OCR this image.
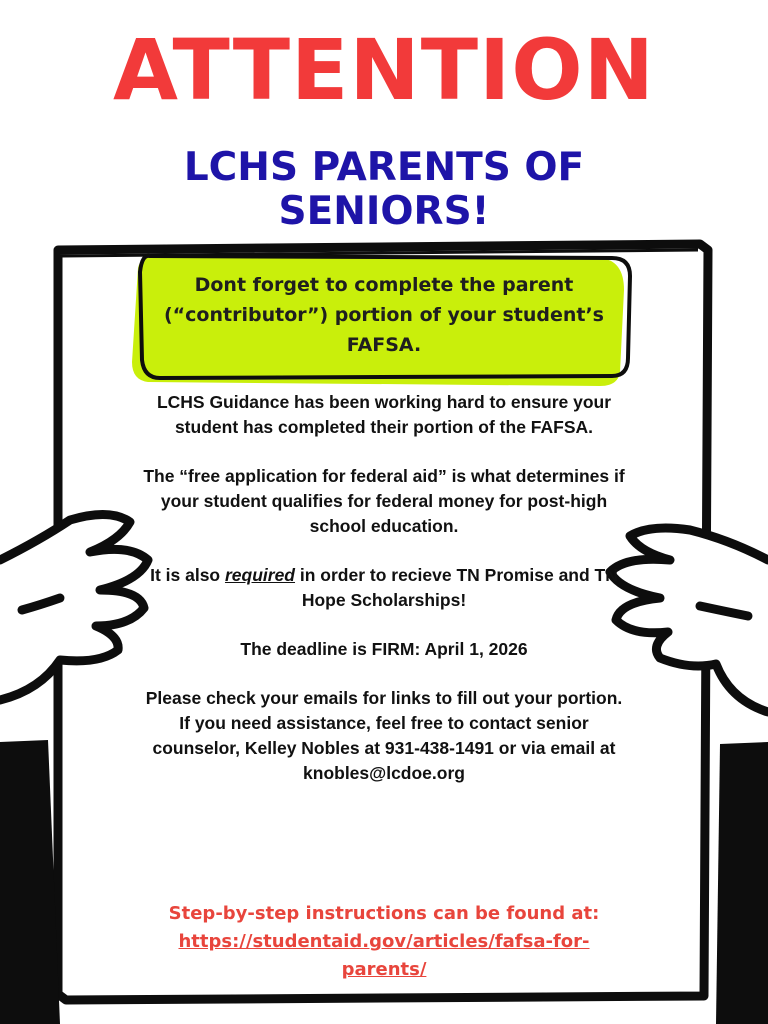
ATTENTION
LCHS PARENTS OF SENIORS!
Dont forget to complete the parent (“contributor”) portion of your student’s FAFSA.

LCHS Guidance has been working hard to ensure your student has completed their portion of the FAFSA.

The “free application for federal aid” is what determines if your student qualifies for federal money for post-high school education.

It is also required in order to recieve TN Promise and TN Hope Scholarships!

The deadline is FIRM: April 1, 2026

Please check your emails for links to fill out your portion. If you need assistance, feel free to contact senior counselor, Kelley Nobles at 931-438-1491 or via email at knobles@lcdoe.org

Step-by-step instructions can be found at:
https://studentaid.gov/articles/fafsa-for-parents/
